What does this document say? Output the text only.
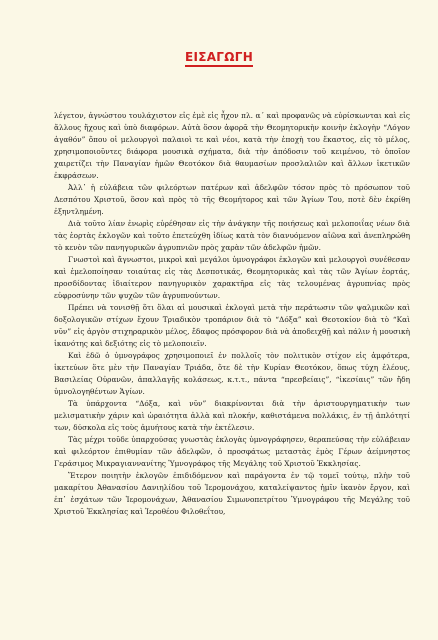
ΕΙΣΑΓΩΓΗ

λέγετον, ἀγνώστου τουλάχιστον εἰς ἐμὲ εἰς ἦχον πλ. α΄ καὶ προφανῶς νὰ εὑρίσκωνται καὶ εἰς ἄλλους ἤχους καὶ ὑπὸ διαφόρων. Αὐτὰ ὅσον ἀφορᾶ τὴν Θεομητορικὴν κοινὴν ἐκλογὴν “Λόγον ἀγαθόν” ὅπου οἱ μελουργοὶ παλαιοὶ τε καὶ νέοι, κατὰ τὴν ἐποχὴ του ἕκαστος, εἰς τὸ μέλος, χρησιμοποιοῦντες διάφορα μουσικὰ σχήματα, διὰ τὴν ἀπόδοσιν τοῦ κειμένου, τὸ ὁποῖον χαιρετίζει τὴν Παναγίαν ἡμῶν Θεοτόκον διὰ θαυμασίων προσλαλιῶν καὶ ἄλλων ἱκετικῶν ἐκφράσεων.

Ἀλλ᾽ ἡ εὐλάβεια τῶν φιλεόρτων πατέρων καὶ ἀδελφῶν τόσον πρὸς τὸ πρόσωπον τοῦ Δεσπότου Χριστοῦ, ὅσον καὶ πρὸς τὸ τῆς Θεομήτορος καὶ τῶν Ἁγίων Του, ποτὲ δὲν ἐκρίθη ἐξηντλημένη.

Διὰ τοῦτο λίαν ἐνωρὶς εὑρέθησαν εἰς τὴν ἀνάγκην τῆς ποιήσεως καὶ μελοποιΐας νέων διὰ τὰς ἑορτὰς ἐκλογῶν καὶ τοῦτο ἐπετεύχθη ἰδίως κατὰ τὸν διανυόμενον αἰῶνα καὶ ἀνεπληρώθη τὸ κενὸν τῶν πανηγυρικῶν ἀγρυπνιῶν πρὸς χαρὰν τῶν ἀδελφῶν ἡμῶν.

Γνωστοὶ καὶ ἄγνωστοι, μικροὶ καὶ μεγάλοι ὑμνογράφοι ἐκλογῶν καὶ μελουργοὶ συνέθεσαν καὶ ἐμελοποίησαν τοιαύτας εἰς τὰς Δεσποτικάς, Θεομητορικὰς καὶ τὰς τῶν Ἁγίων ἑορτάς, προσδίδοντας ἰδιαίτερον πανηγυρικὸν χαρακτῆρα εἰς τὰς τελουμένας ἀγρυπνίας πρὸς εὐφροσύνην τῶν ψυχῶν τῶν ἀγρυπνούντων.

Πρέπει νὰ τονισθῇ ὅτι ὅλαι αἱ μουσικαὶ ἐκλογαὶ μετὰ τὴν περάτωσιν τῶν ψαλμικῶν καὶ δοξολογικῶν στίχων ἔχουν Τριαδικὸν τροπάριον διὰ τὸ “Δόξα” καὶ Θεοτοκίον διὰ τὸ “Καὶ νῦν” εἰς ἀργὸν στιχηραρικὸν μέλος, ἔδαφος πρόσφορον διὰ νὰ ἀποδειχθῇ καὶ πάλιν ἡ μουσικὴ ἱκανότης καὶ δεξιότης εἰς τὸ μελοποιεῖν.

Καὶ ἐδῶ ὁ ὑμνογράφος χρησιμοποιεῖ ἐν πολλοῖς τὸν πολιτικὸν στίχον εἰς ἀμφότερα, ἱκετεύων ὅτε μὲν τὴν Παναγίαν Τριάδα, ὅτε δὲ τὴν Κυρίαν Θεοτόκον, ὅπως τύχη ἐλέους, Βασιλείας Οὐρανῶν, ἀπαλλαγῆς κολάσεως, κ.τ.τ., πάντα “πρεσβείαις”, “ἱκεσίαις” τῶν ἤδη ὑμνολογηθέντων Ἁγίων.

Τὰ ὑπάρχοντα “Δόξα, καὶ νῦν” διακρίνονται διὰ τὴν ἀριστουργηματικὴν των μελισματικὴν χάριν καὶ ὡραιότητα ἀλλὰ καὶ πλοκήν, καθιστάμενα πολλάκις, ἐν τῇ ἁπλότητί των, δύσκολα εἰς τοὺς ἀμυήτους κατὰ τὴν ἐκτέλεσιν.

Τὰς μέχρι τοῦδε ὑπαρχούσας γνωστὰς ἐκλογὰς ὑμνογράφησεν, θεραπεύσας τὴν εὐλάβειαν καὶ φιλεόρτον ἐπιθυμίαν τῶν ἀδελφῶν, ὁ προσφάτως μεταστὰς ἐμὸς Γέρων ἀείμνηστος Γεράσιμος Μικραγιαννανίτης Ὑμνογράφος τῆς Μεγάλης τοῦ Χριστοῦ Ἐκκλησίας.

Ἕτερον ποιητὴν ἐκλογῶν ἐπιδιδόμενον καὶ παράγοντα ἐν τῷ τομεῖ τούτῳ, πλὴν τοῦ μακαρίτου Ἀθανασίου Δανιηλίδου τοῦ Ἱερομονάχου, καταλείψαντος ἡμῖν ἱκανὸν ἔργον, καὶ ἐπ᾽ ἐσχάτων τῶν Ἱερομονάχων, Ἀθανασίου Σιμωνοπετρίτου Ὑμνογράφου τῆς Μεγάλης τοῦ Χριστοῦ Ἐκκλησίας καὶ Ἱεροθέου Φιλοθεΐτου,
